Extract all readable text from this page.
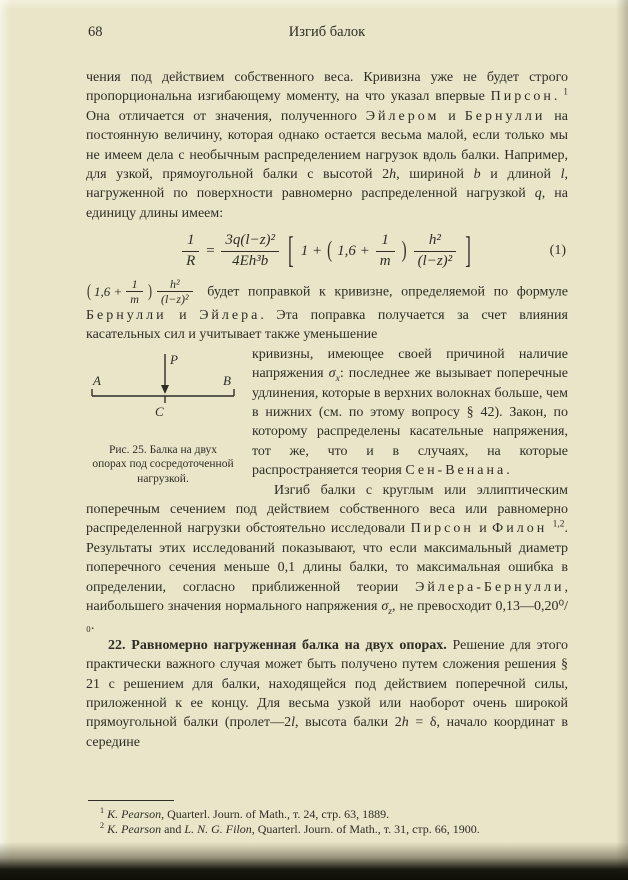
68	Изгиб балок

чения под действием собственного веса. Кривизна уже не будет строго пропорциональна изгибающему моменту, на что указал впервые Пирсон. $^1$ Она отличается от значения, полученного Эйлером и Бернулли на постоянную величину, которая однако остается весьма малой, если только мы не имеем дела с необычным распределением нагрузок вдоль балки. Например, для узкой, прямоугольной балки с высотой 2h, шириной b и длиной l, нагруженной по поверхности равномерно распределенной нагрузкой q, на единицу длины имеем:

$\frac{1}{R} = \frac{\text{3q(l−z)²}}{\text{4Eh³b}}$ [ 1 + ( $1,6 + \frac{1}{m}$ ) $\frac{\text{h²}}{\text{(l−z)²}}$ ]	(1)

( $1,6 + \frac{1}{m}$ ) $\frac{\text{h²}}{\text{(l−z)²}}$ будет поправкой к кривизне, определяемой по формуле Бернулли и Эйлера. Эта поправка получается за счет влияния касательных сил и учитывает также уменьшение

P
A	B
C
Рис. 25. Балка на двух опорах под сосредоточенной нагрузкой.

кривизны, имеющее своей причиной наличие напряжения $\sigma_x$: последнее же вызывает поперечные удлинения, которые в верхних волокнах больше, чем в нижних (см. по этому вопросу § 42). Закон, по которому распределены касательные напряжения, тот же, что и в случаях, на которые распространяется теория Сен-Венана.

Изгиб балки с круглым или эллиптическим поперечным сечением под действием собственного веса или равномерно распределенной нагрузки обстоятельно исследовали Пирсон и Филон $^{1,2}$. Результаты этих исследований показывают, что если максимальный диаметр поперечного сечения меньше 0,1 длины балки, то максимальная ошибка в определении, согласно приближенной теории Эйлера-Бернулли, наибольшего значения нормального напряжения $\sigma_z$, не превосходит 0,13—0,20⁰/₀.

22. Равномерно нагруженная балка на двух опорах. Решение для этого практически важного случая может быть получено путем сложения решения § 21 с решением для балки, находящейся под действием поперечной силы, приложенной к ее концу. Для весьма узкой или наоборот очень широкой прямоугольной балки (пролет—2l, высота балки 2h = δ, начало координат в середине

$^1$ K. Pearson, Quarterl. Journ. of Math., т. 24, стр. 63, 1889.

$^2$ K. Pearson and L. N. G. Filon, Quarterl. Journ. of Math., т. 31, стр. 66, 1900.
